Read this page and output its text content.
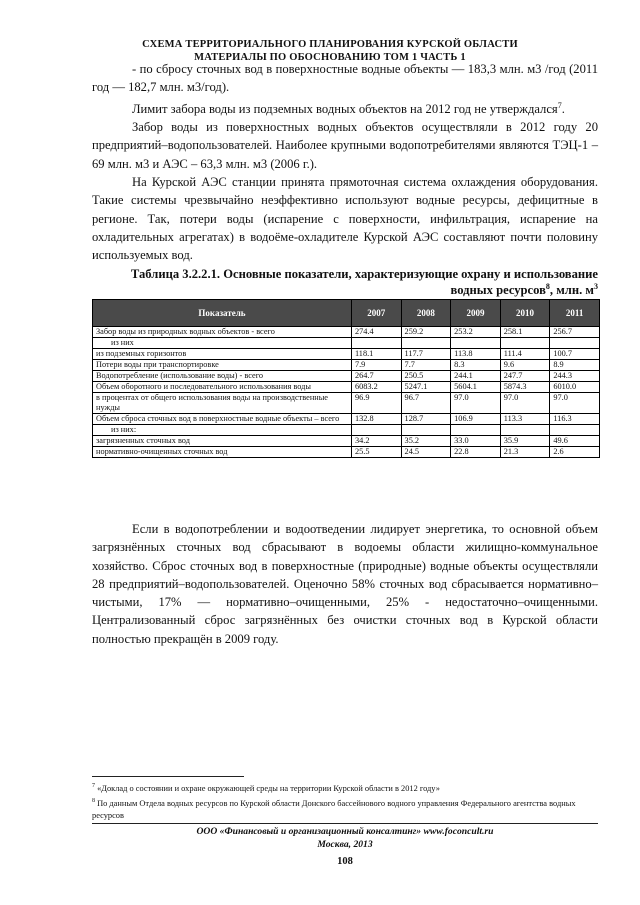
СХЕМА ТЕРРИТОРИАЛЬНОГО ПЛАНИРОВАНИЯ КУРСКОЙ ОБЛАСТИ
МАТЕРИАЛЫ ПО ОБОСНОВАНИЮ ТОМ 1 ЧАСТЬ 1

- по сбросу сточных вод в поверхностные водные объекты — 183,3 млн. м3 /год (2011 год — 182,7 млн. м3/год).

Лимит забора воды из подземных водных объектов на 2012 год не утверждался$^7$.

Забор воды из поверхностных водных объектов осуществляли в 2012 году 20 предприятий–водопользователей. Наиболее крупными водопотребителями являются ТЭЦ-1 – 69 млн. м3 и АЭС – 63,3 млн. м3 (2006 г.).

На Курской АЭС станции принята прямоточная система охлаждения оборудования. Такие системы чрезвычайно неэффективно используют водные ресурсы, дефицитные в регионе. Так, потери воды (испарение с поверхности, инфильтрация, испарение на охладительных агрегатах) в водоёме-охладителе Курской АЭС составляют почти половину используемых вод.

Таблица 3.2.2.1. Основные показатели, характеризующие охрану и использование
водных ресурсов$^8$, млн. $м^3$
Показатель	2007	2008	2009	2010	2011
Забор воды из природных водных объектов - всего	274.4	259.2	253.2	258.1	256.7
из них					
из подземных горизонтов	118.1	117.7	113.8	111.4	100.7
Потери воды при транспортировке	7.9	7.7	8.3	9.6	8.9
Водопотребление (использование воды) - всего	264.7	250.5	244.1	247.7	244.3
Объем оборотного и последовательного использования воды	6083.2	5247.1	5604.1	5874.3	6010.0
в процентах от общего использования воды на производственные нужды	96.9	96.7	97.0	97.0	97.0
Объем сброса сточных вод в поверхностные водные объекты – всего	132.8	128.7	106.9	113.3	116.3
из них:					
загрязненных сточных вод	34.2	35.2	33.0	35.9	49.6
нормативно-очищенных сточных вод	25.5	24.5	22.8	21.3	2.6

Если в водопотреблении и водоотведении лидирует энергетика, то основной объем загрязнённых сточных вод сбрасывают в водоемы области жилищно-коммунальное хозяйство. Сброс сточных вод в поверхностные (природные) водные объекты осуществляли 28 предприятий–водопользователей. Оценочно 58% сточных вод сбрасывается нормативно–чистыми, 17% — нормативно–очищенными, 25% - недостаточно–очищенными. Централизованный сброс загрязнённых без очистки сточных вод в Курской области полностью прекращён в 2009 году.

$^7$ «Доклад о состоянии и охране окружающей среды на территории Курской области в 2012 году»

$^8$ По данным Отдела водных ресурсов по Курской области Донского бассейнового водного управления Федерального агентства водных ресурсов

ООО «Финансовый и организационный консалтинг» www.foconcult.ru
Москва, 2013
108
